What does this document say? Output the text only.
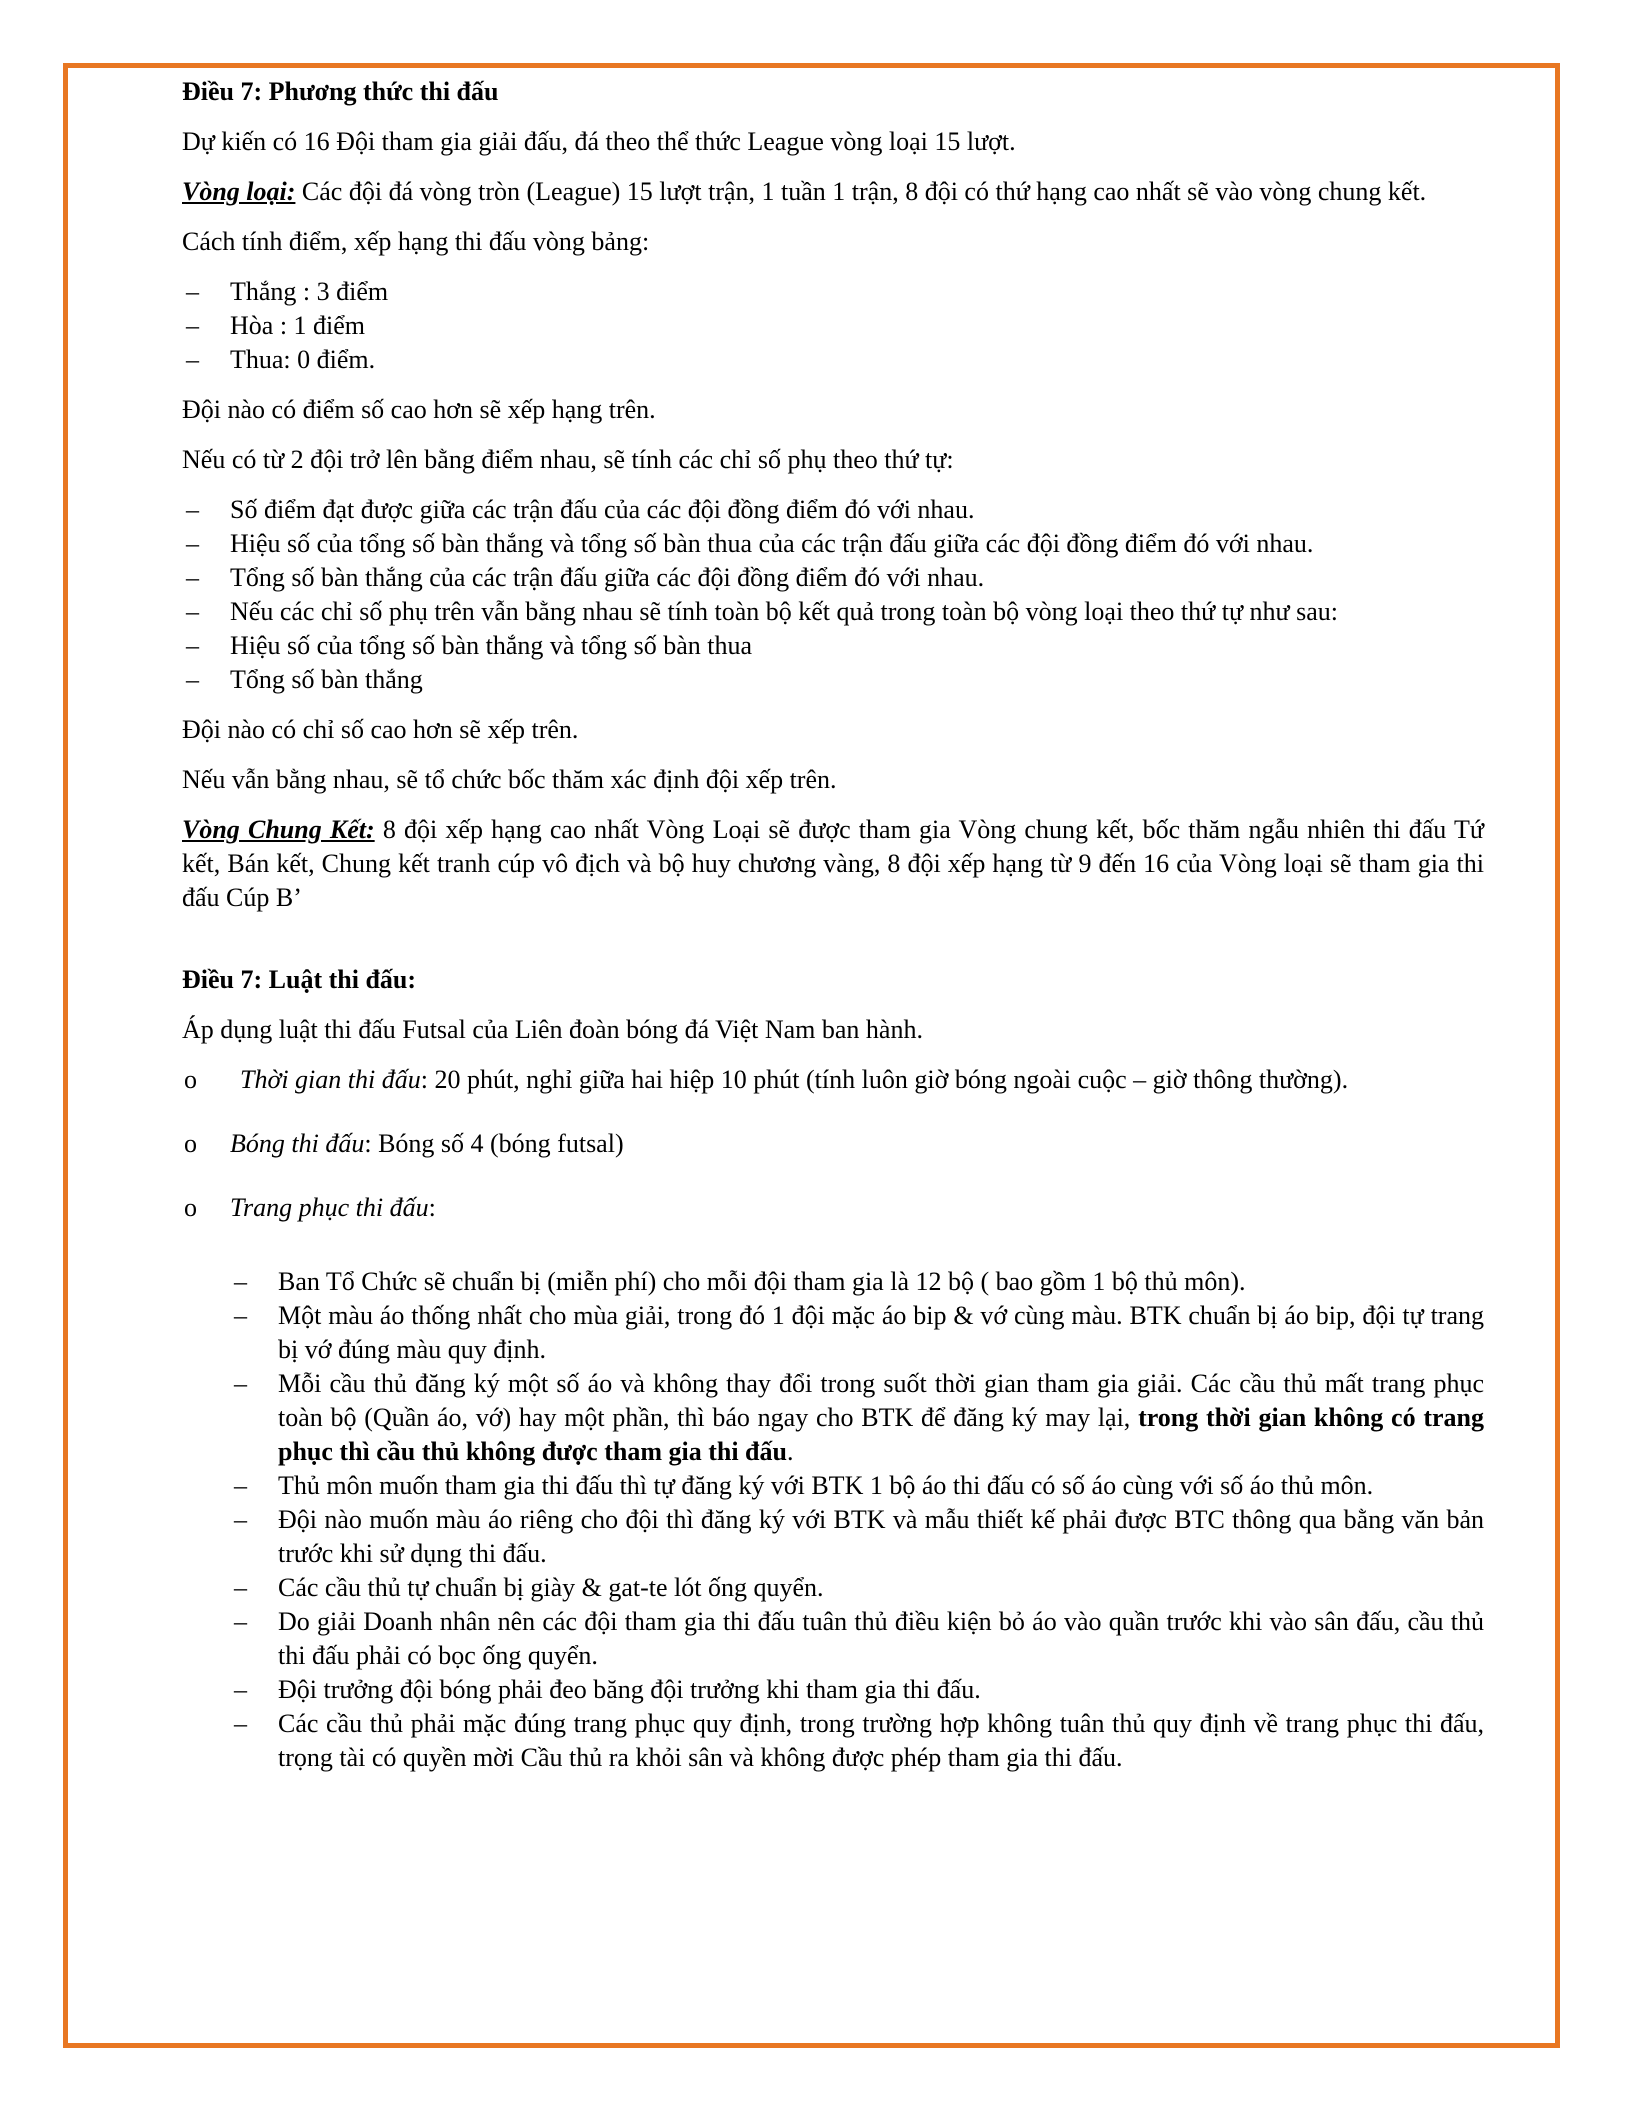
Điều 7: Phương thức thi đấu
Dự kiến có 16 Đội tham gia giải đấu, đá theo thể thức League vòng loại 15 lượt.
Vòng loại: Các đội đá vòng tròn (League) 15 lượt trận, 1 tuần 1 trận, 8 đội có thứ hạng cao nhất sẽ vào vòng chung kết.
Cách tính điểm, xếp hạng thi đấu vòng bảng:
– Thắng : 3 điểm
– Hòa : 1 điểm
– Thua: 0 điểm.
Đội nào có điểm số cao hơn sẽ xếp hạng trên.
Nếu có từ 2 đội trở lên bằng điểm nhau, sẽ tính các chỉ số phụ theo thứ tự:
– Số điểm đạt được giữa các trận đấu của các đội đồng điểm đó với nhau.
– Hiệu số của tổng số bàn thắng và tổng số bàn thua của các trận đấu giữa các đội đồng điểm đó với nhau.
– Tổng số bàn thắng của các trận đấu giữa các đội đồng điểm đó với nhau.
– Nếu các chỉ số phụ trên vẫn bằng nhau sẽ tính toàn bộ kết quả trong toàn bộ vòng loại theo thứ tự như sau:
– Hiệu số của tổng số bàn thắng và tổng số bàn thua
– Tổng số bàn thắng
Đội nào có chỉ số cao hơn sẽ xếp trên.
Nếu vẫn bằng nhau, sẽ tổ chức bốc thăm xác định đội xếp trên.
Vòng Chung Kết: 8 đội xếp hạng cao nhất Vòng Loại sẽ được tham gia Vòng chung kết, bốc thăm ngẫu nhiên thi đấu Tứ kết, Bán kết, Chung kết tranh cúp vô địch và bộ huy chương vàng, 8 đội xếp hạng từ 9 đến 16 của Vòng loại sẽ tham gia thi đấu Cúp B’
Điều 7: Luật thi đấu:
Áp dụng luật thi đấu Futsal của Liên đoàn bóng đá Việt Nam ban hành.
o Thời gian thi đấu: 20 phút, nghỉ giữa hai hiệp 10 phút (tính luôn giờ bóng ngoài cuộc – giờ thông thường).
o Bóng thi đấu: Bóng số 4 (bóng futsal)
o Trang phục thi đấu:
– Ban Tổ Chức sẽ chuẩn bị (miễn phí) cho mỗi đội tham gia là 12 bộ ( bao gồm 1 bộ thủ môn).
– Một màu áo thống nhất cho mùa giải, trong đó 1 đội mặc áo bip & vớ cùng màu. BTK chuẩn bị áo bip, đội tự trang bị vớ đúng màu quy định.
– Mỗi cầu thủ đăng ký một số áo và không thay đổi trong suốt thời gian tham gia giải. Các cầu thủ mất trang phục toàn bộ (Quần áo, vớ) hay một phần, thì báo ngay cho BTK để đăng ký may lại, trong thời gian không có trang phục thì cầu thủ không được tham gia thi đấu.
– Thủ môn muốn tham gia thi đấu thì tự đăng ký với BTK 1 bộ áo thi đấu có số áo cùng với số áo thủ môn.
– Đội nào muốn màu áo riêng cho đội thì đăng ký với BTK và mẫu thiết kế phải được BTC thông qua bằng văn bản trước khi sử dụng thi đấu.
– Các cầu thủ tự chuẩn bị giày & gat-te lót ống quyển.
– Do giải Doanh nhân nên các đội tham gia thi đấu tuân thủ điều kiện bỏ áo vào quần trước khi vào sân đấu, cầu thủ thi đấu phải có bọc ống quyển.
– Đội trưởng đội bóng phải đeo băng đội trưởng khi tham gia thi đấu.
– Các cầu thủ phải mặc đúng trang phục quy định, trong trường hợp không tuân thủ quy định về trang phục thi đấu, trọng tài có quyền mời Cầu thủ ra khỏi sân và không được phép tham gia thi đấu.
